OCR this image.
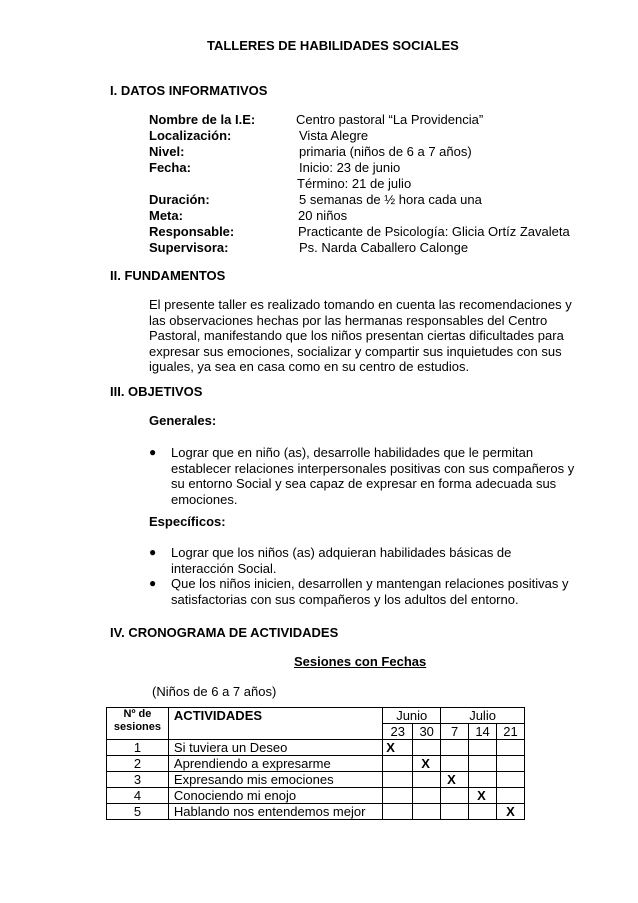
TALLERES DE HABILIDADES SOCIALES
I. DATOS INFORMATIVOS
Nombre de la I.E:	Centro pastoral “La Providencia”
Localización:	Vista Alegre
Nivel:	primaria (niños de 6 a 7 años)
Fecha:	Inicio: 23 de junio
Término: 21 de julio
Duración:	5 semanas de ½ hora cada una
Meta:	20 niños
Responsable:	Practicante de Psicología: Glicia Ortíz Zavaleta
Supervisora:	Ps. Narda Caballero Calonge
II. FUNDAMENTOS
El presente taller es realizado tomando en cuenta las recomendaciones y
las observaciones hechas por las hermanas responsables del Centro
Pastoral, manifestando que los niños presentan ciertas dificultades para
expresar sus emociones, socializar y compartir sus inquietudes con sus
iguales, ya sea en casa como en su centro de estudios.
III. OBJETIVOS
Generales:
● Lograr que en niño (as), desarrolle habilidades que le permitan
establecer relaciones interpersonales positivas con sus compañeros y
su entorno Social y sea capaz de expresar en forma adecuada sus
emociones.
Específicos:
● Lograr que los niños (as) adquieran habilidades básicas de
interacción Social.
● Que los niños inicien, desarrollen y mantengan relaciones positivas y
satisfactorias con sus compañeros y los adultos del entorno.
IV. CRONOGRAMA DE ACTIVIDADES
Sesiones con Fechas
(Niños de 6 a 7 años)
Nº de
sesiones	ACTIVIDADES	Junio		Julio		
		23	30	7	14	21
1	Si tuviera un Deseo	X				
2	Aprendiendo a expresarme		X			
3	Expresando mis emociones			X		
4	Conociendo mi enojo				X	
5	Hablando nos entendemos mejor					X
